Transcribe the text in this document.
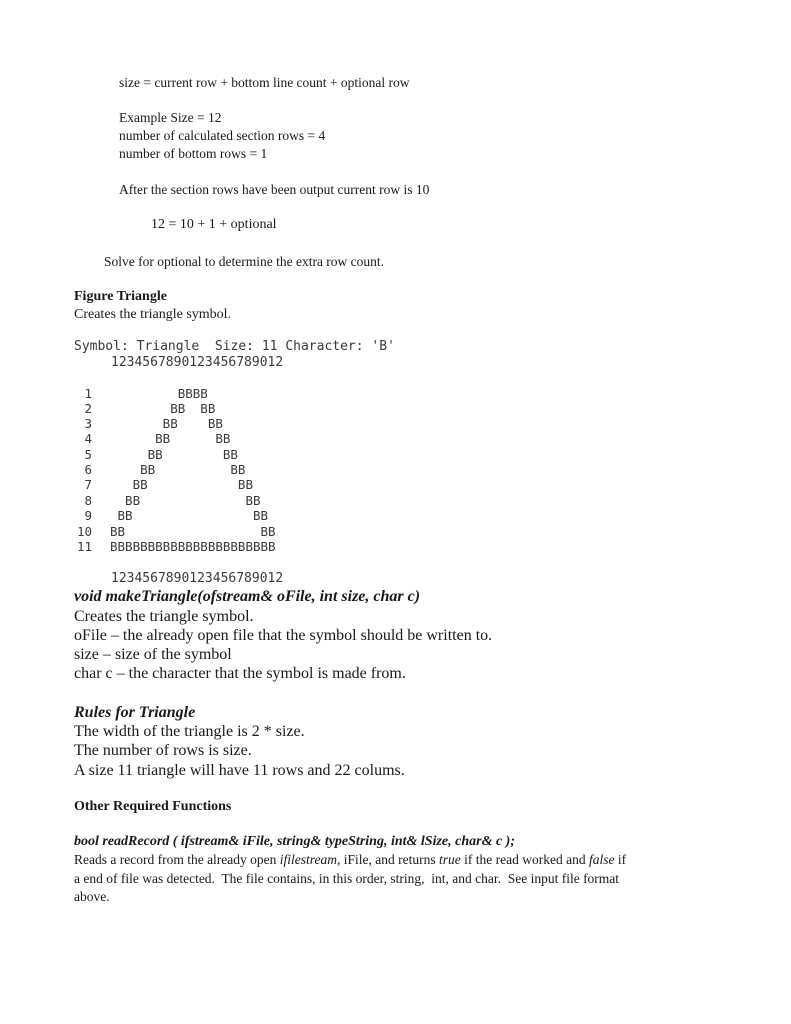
size = current row + bottom line count + optional row
Example Size = 12
number of calculated section rows = 4
number of bottom rows = 1
After the section rows have been output current row is 10
12 = 10 + 1 + optional
Solve for optional to determine the extra row count.
Figure Triangle
Creates the triangle symbol.
Symbol: Triangle  Size: 11 Character: 'B'
1234567890123456789012
1 BBBB
2 BB  BB
3 BB    BB
4 BB      BB
5 BB        BB
6 BB          BB
7 BB            BB
8 BB              BB
9 BB                BB
10 BB                  BB
11 BBBBBBBBBBBBBBBBBBBBBB
1234567890123456789012
void makeTriangle(ofstream& oFile, int size, char c)
Creates the triangle symbol.
oFile – the already open file that the symbol should be written to.
size – size of the symbol
char c – the character that the symbol is made from.
Rules for Triangle
The width of the triangle is 2 * size.
The number of rows is size.
A size 11 triangle will have 11 rows and 22 colums.
Other Required Functions
bool readRecord ( ifstream& iFile, string& typeString, int& lSize, char& c );
Reads a record from the already open ifilestream, iFile, and returns true if the read worked and false if
a end of file was detected.  The file contains, in this order, string,  int, and char.  See input file format
above.
